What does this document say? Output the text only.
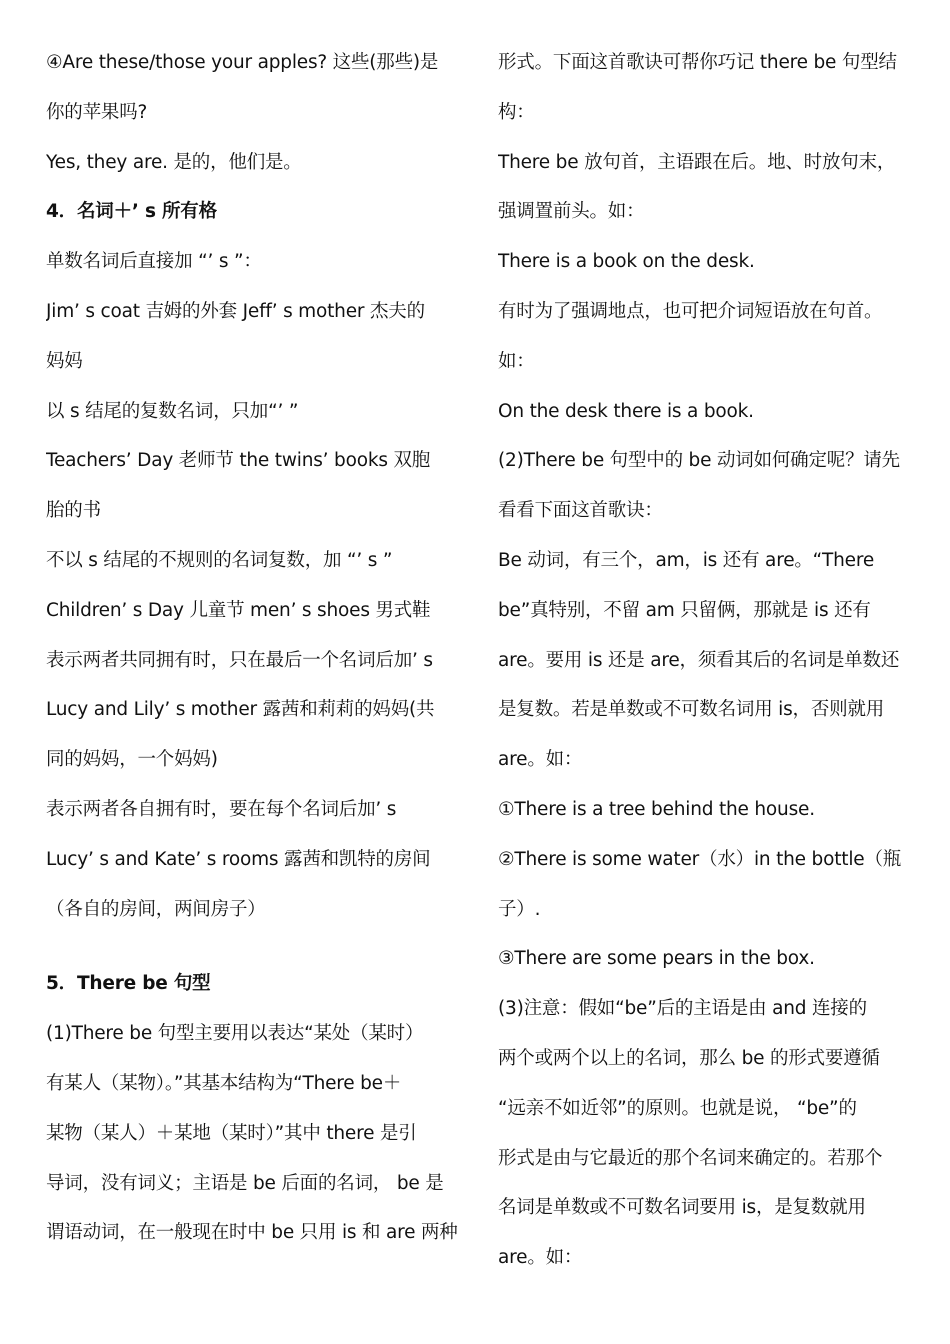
④Are these/those your apples? 这些(那些)是
你的苹果吗?
Yes, they are. 是的，他们是。
4．名词＋’ s 所有格
单数名词后直接加 “’ s ”：
Jim’ s coat 吉姆的外套 Jeff’ s mother 杰夫的
妈妈
以 s 结尾的复数名词，只加“’ ”
Teachers’ Day 老师节 the twins’ books 双胞
胎的书
不以 s 结尾的不规则的名词复数，加 “’ s ”
Children’ s Day 儿童节 men’ s shoes 男式鞋
表示两者共同拥有时，只在最后一个名词后加’ s
Lucy and Lily’ s mother 露茜和莉莉的妈妈(共
同的妈妈，一个妈妈)
表示两者各自拥有时，要在每个名词后加’ s
Lucy’ s and Kate’ s rooms 露茜和凯特的房间
（各自的房间，两间房子）
5．There be 句型
(1)There be 句型主要用以表达“某处（某时）
有某人（某物）。”其基本结构为“There be＋
某物（某人）＋某地（某时）”其中 there 是引
导词，没有词义；主语是 be 后面的名词， be 是
谓语动词，在一般现在时中 be 只用 is 和 are 两种
形式。下面这首歌诀可帮你巧记 there be 句型结
构：
There be 放句首，主语跟在后。地、时放句末，
强调置前头。如：
There is a book on the desk.
有时为了强调地点，也可把介词短语放在句首。
如：
On the desk there is a book.
(2)There be 句型中的 be 动词如何确定呢？请先
看看下面这首歌诀：
Be 动词，有三个，am，is 还有 are。“There
be”真特别，不留 am 只留俩，那就是 is 还有
are。要用 is 还是 are，须看其后的名词是单数还
是复数。若是单数或不可数名词用 is，否则就用
are。如：
①There is a tree behind the house.
②There is some water（水）in the bottle（瓶
子）.
③There are some pears in the box.
(3)注意：假如“be”后的主语是由 and 连接的
两个或两个以上的名词，那么 be 的形式要遵循
“远亲不如近邻”的原则。也就是说， “be”的
形式是由与它最近的那个名词来确定的。若那个
名词是单数或不可数名词要用 is，是复数就用
are。如：
